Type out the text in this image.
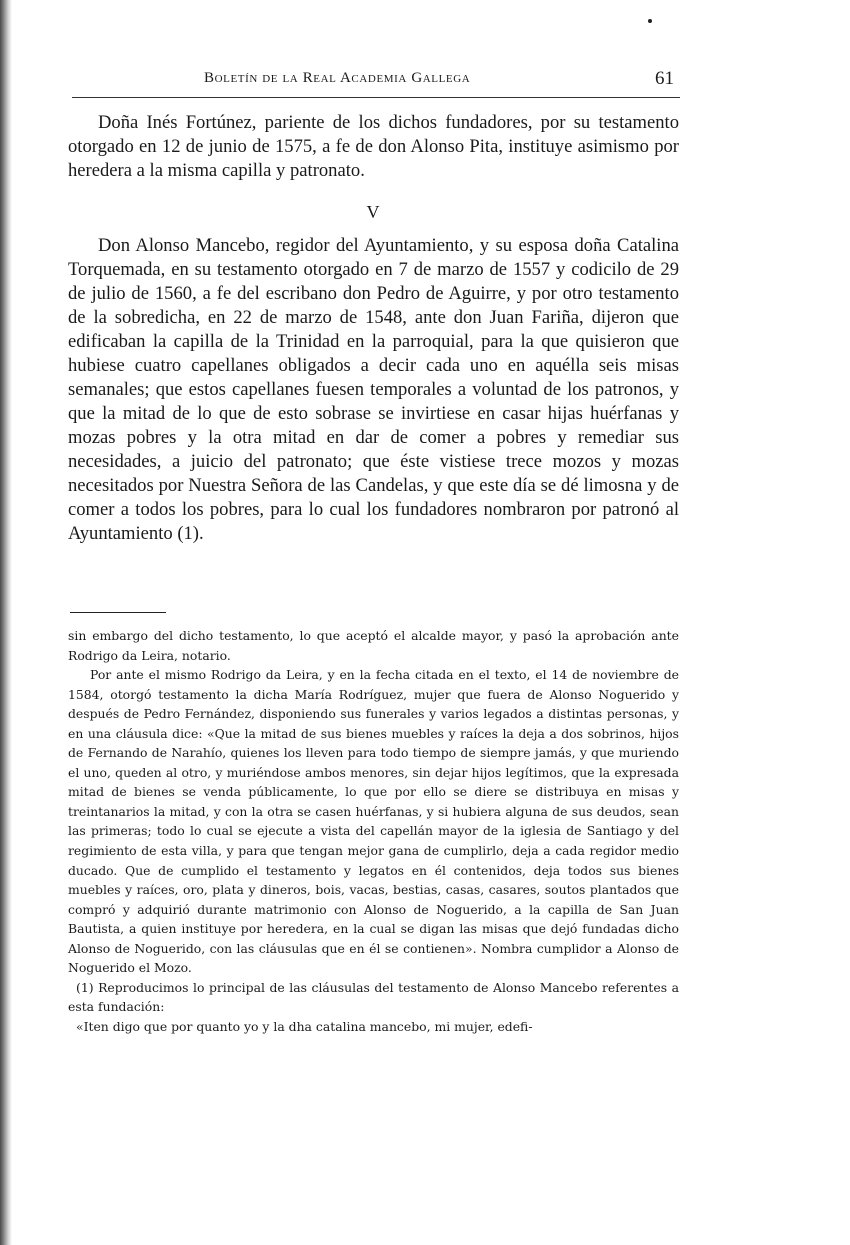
Boletín de la Real Academia Gallega	61

Doña Inés Fortúnez, pariente de los dichos fundadores, por su testamento otorgado en 12 de junio de 1575, a fe de don Alonso Pita, instituye asimismo por heredera a la misma capilla y patronato.

V

Don Alonso Mancebo, regidor del Ayuntamiento, y su esposa doña Catalina Torquemada, en su testamento otorgado en 7 de marzo de 1557 y codicilo de 29 de julio de 1560, a fe del escribano don Pedro de Aguirre, y por otro testamento de la sobredicha, en 22 de marzo de 1548, ante don Juan Fariña, dijeron que edificaban la capilla de la Trinidad en la parroquial, para la que quisieron que hubiese cuatro capellanes obligados a decir cada uno en aquélla seis misas semanales; que estos capellanes fuesen temporales a voluntad de los patronos, y que la mitad de lo que de esto sobrase se invirtiese en casar hijas huérfanas y mozas pobres y la otra mitad en dar de comer a pobres y remediar sus necesidades, a juicio del patronato; que éste vistiese trece mozos y mozas necesitados por Nuestra Señora de las Candelas, y que este día se dé limosna y de comer a todos los pobres, para lo cual los fundadores nombraron por patronó al Ayuntamiento (1).

sin embargo del dicho testamento, lo que aceptó el alcalde mayor, y pasó la aprobación ante Rodrigo da Leira, notario.

Por ante el mismo Rodrigo da Leira, y en la fecha citada en el texto, el 14 de noviembre de 1584, otorgó testamento la dicha María Rodríguez, mujer que fuera de Alonso Noguerido y después de Pedro Fernández, disponiendo sus funerales y varios legados a distintas personas, y en una cláusula dice: «Que la mitad de sus bienes muebles y raíces la deja a dos sobrinos, hijos de Fernando de Narahío, quienes los lleven para todo tiempo de siempre jamás, y que muriendo el uno, queden al otro, y muriéndose ambos menores, sin dejar hijos legítimos, que la expresada mitad de bienes se venda públicamente, lo que por ello se diere se distribuya en misas y treintanarios la mitad, y con la otra se casen huérfanas, y si hubiera alguna de sus deudos, sean las primeras; todo lo cual se ejecute a vista del capellán mayor de la iglesia de Santiago y del regimiento de esta villa, y para que tengan mejor gana de cumplirlo, deja a cada regidor medio ducado. Que de cumplido el testamento y legatos en él contenidos, deja todos sus bienes muebles y raíces, oro, plata y dineros, bois, vacas, bestias, casas, casares, soutos plantados que compró y adquirió durante matrimonio con Alonso de Noguerido, a la capilla de San Juan Bautista, a quien instituye por heredera, en la cual se digan las misas que dejó fundadas dicho Alonso de Noguerido, con las cláusulas que en él se contienen». Nombra cumplidor a Alonso de Noguerido el Mozo.

(1) Reproducimos lo principal de las cláusulas del testamento de Alonso Mancebo referentes a esta fundación:

«Iten digo que por quanto yo y la dha catalina mancebo, mi mujer, edefi-
